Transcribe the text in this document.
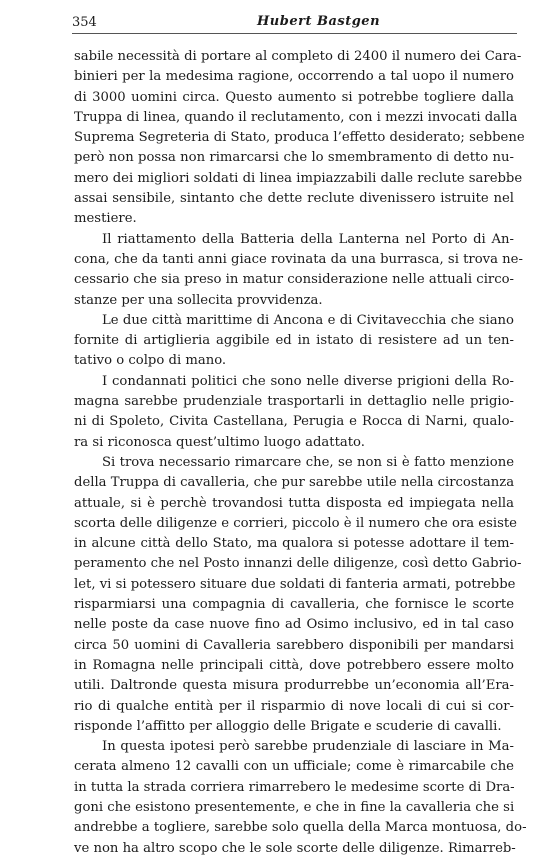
354	Hubert Bastgen
sabile necessità di portare al completo di 2400 il numero dei Cara-
binieri per la medesima ragione, occorrendo a tal uopo il numero
di 3000 uomini circa. Questo aumento si potrebbe togliere dalla
Truppa di linea, quando il reclutamento, con i mezzi invocati dalla
Suprema Segreteria di Stato, produca l’effetto desiderato; sebbene
però non possa non rimarcarsi che lo smembramento di detto nu-
mero dei migliori soldati di linea impiazzabili dalle reclute sarebbe
assai sensibile, sintanto che dette reclute divenissero istruite nel
mestiere.
Il riattamento della Batteria della Lanterna nel Porto di An-
cona, che da tanti anni giace rovinata da una burrasca, si trova ne-
cessario che sia preso in matur considerazione nelle attuali circo-
stanze per una sollecita provvidenza.
Le due città marittime di Ancona e di Civitavecchia che siano
fornite di artiglieria aggibile ed in istato di resistere ad un ten-
tativo o colpo di mano.
I condannati politici che sono nelle diverse prigioni della Ro-
magna sarebbe prudenziale trasportarli in dettaglio nelle prigio-
ni di Spoleto, Civita Castellana, Perugia e Rocca di Narni, qualo-
ra si riconosca quest’ultimo luogo adattato.
Si trova necessario rimarcare che, se non si è fatto menzione
della Truppa di cavalleria, che pur sarebbe utile nella circostanza
attuale, si è perchè trovandosi tutta disposta ed impiegata nella
scorta delle diligenze e corrieri, piccolo è il numero che ora esiste
in alcune città dello Stato, ma qualora si potesse adottare il tem-
peramento che nel Posto innanzi delle diligenze, così detto Gabrio-
let, vi si potessero situare due soldati di fanteria armati, potrebbe
risparmiarsi una compagnia di cavalleria, che fornisce le scorte
nelle poste da case nuove fino ad Osimo inclusivo, ed in tal caso
circa 50 uomini di Cavalleria sarebbero disponibili per mandarsi
in Romagna nelle principali città, dove potrebbero essere molto
utili. Daltronde questa misura produrrebbe un’economia all’Era-
rio di qualche entità per il risparmio di nove locali di cui si cor-
risponde l’affitto per alloggio delle Brigate e scuderie di cavalli.
In questa ipotesi però sarebbe prudenziale di lasciare in Ma-
cerata almeno 12 cavalli con un ufficiale; come è rimarcabile che
in tutta la strada corriera rimarrebero le medesime scorte di Dra-
goni che esistono presentemente, e che in fine la cavalleria che si
andrebbe a togliere, sarebbe solo quella della Marca montuosa, do-
ve non ha altro scopo che le sole scorte delle diligenze. Rimarreb-
